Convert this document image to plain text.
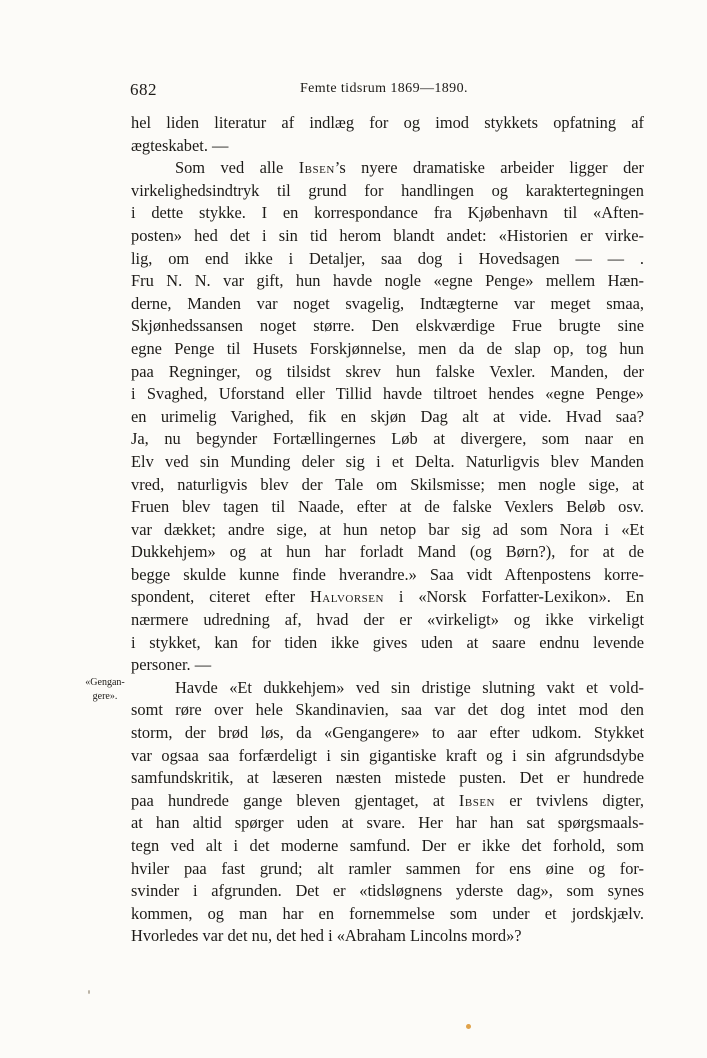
682	Femte tidsrum 1869—1890.
«Gengan-
gere».
hel liden literatur af indlæg for og imod stykkets opfatning af
ægteskabet. —
Som ved alle Ibsen’s nyere dramatiske arbeider ligger der
virkelighedsindtryk til grund for handlingen og karaktertegningen
i dette stykke. I en korrespondance fra Kjøbenhavn til «Aften-
posten» hed det i sin tid herom blandt andet: «Historien er virke-
lig, om end ikke i Detaljer, saa dog i Hovedsagen — — .
Fru N. N. var gift, hun havde nogle «egne Penge» mellem Hæn-
derne, Manden var noget svagelig, Indtægterne var meget smaa,
Skjønhedssansen noget større. Den elskværdige Frue brugte sine
egne Penge til Husets Forskjønnelse, men da de slap op, tog hun
paa Regninger, og tilsidst skrev hun falske Vexler. Manden, der
i Svaghed, Uforstand eller Tillid havde tiltroet hendes «egne Penge»
en urimelig Varighed, fik en skjøn Dag alt at vide. Hvad saa?
Ja, nu begynder Fortællingernes Løb at divergere, som naar en
Elv ved sin Munding deler sig i et Delta. Naturligvis blev Manden
vred, naturligvis blev der Tale om Skilsmisse; men nogle sige, at
Fruen blev tagen til Naade, efter at de falske Vexlers Beløb osv.
var dækket; andre sige, at hun netop bar sig ad som Nora i «Et
Dukkehjem» og at hun har forladt Mand (og Børn?), for at de
begge skulde kunne finde hverandre.» Saa vidt Aftenpostens korre-
spondent, citeret efter Halvorsen i «Norsk Forfatter-Lexikon». En
nærmere udredning af, hvad der er «virkeligt» og ikke virkeligt
i stykket, kan for tiden ikke gives uden at saare endnu levende
personer. —
Havde «Et dukkehjem» ved sin dristige slutning vakt et vold-
somt røre over hele Skandinavien, saa var det dog intet mod den
storm, der brød løs, da «Gengangere» to aar efter udkom. Stykket
var ogsaa saa forfærdeligt i sin gigantiske kraft og i sin afgrundsdybe
samfundskritik, at læseren næsten mistede pusten. Det er hundrede
paa hundrede gange bleven gjentaget, at Ibsen er tvivlens digter,
at han altid spørger uden at svare. Her har han sat spørgsmaals-
tegn ved alt i det moderne samfund. Der er ikke det forhold, som
hviler paa fast grund; alt ramler sammen for ens øine og for-
svinder i afgrunden. Det er «tidsløgnens yderste dag», som synes
kommen, og man har en fornemmelse som under et jordskjælv.
Hvorledes var det nu, det hed i «Abraham Lincolns mord»?
